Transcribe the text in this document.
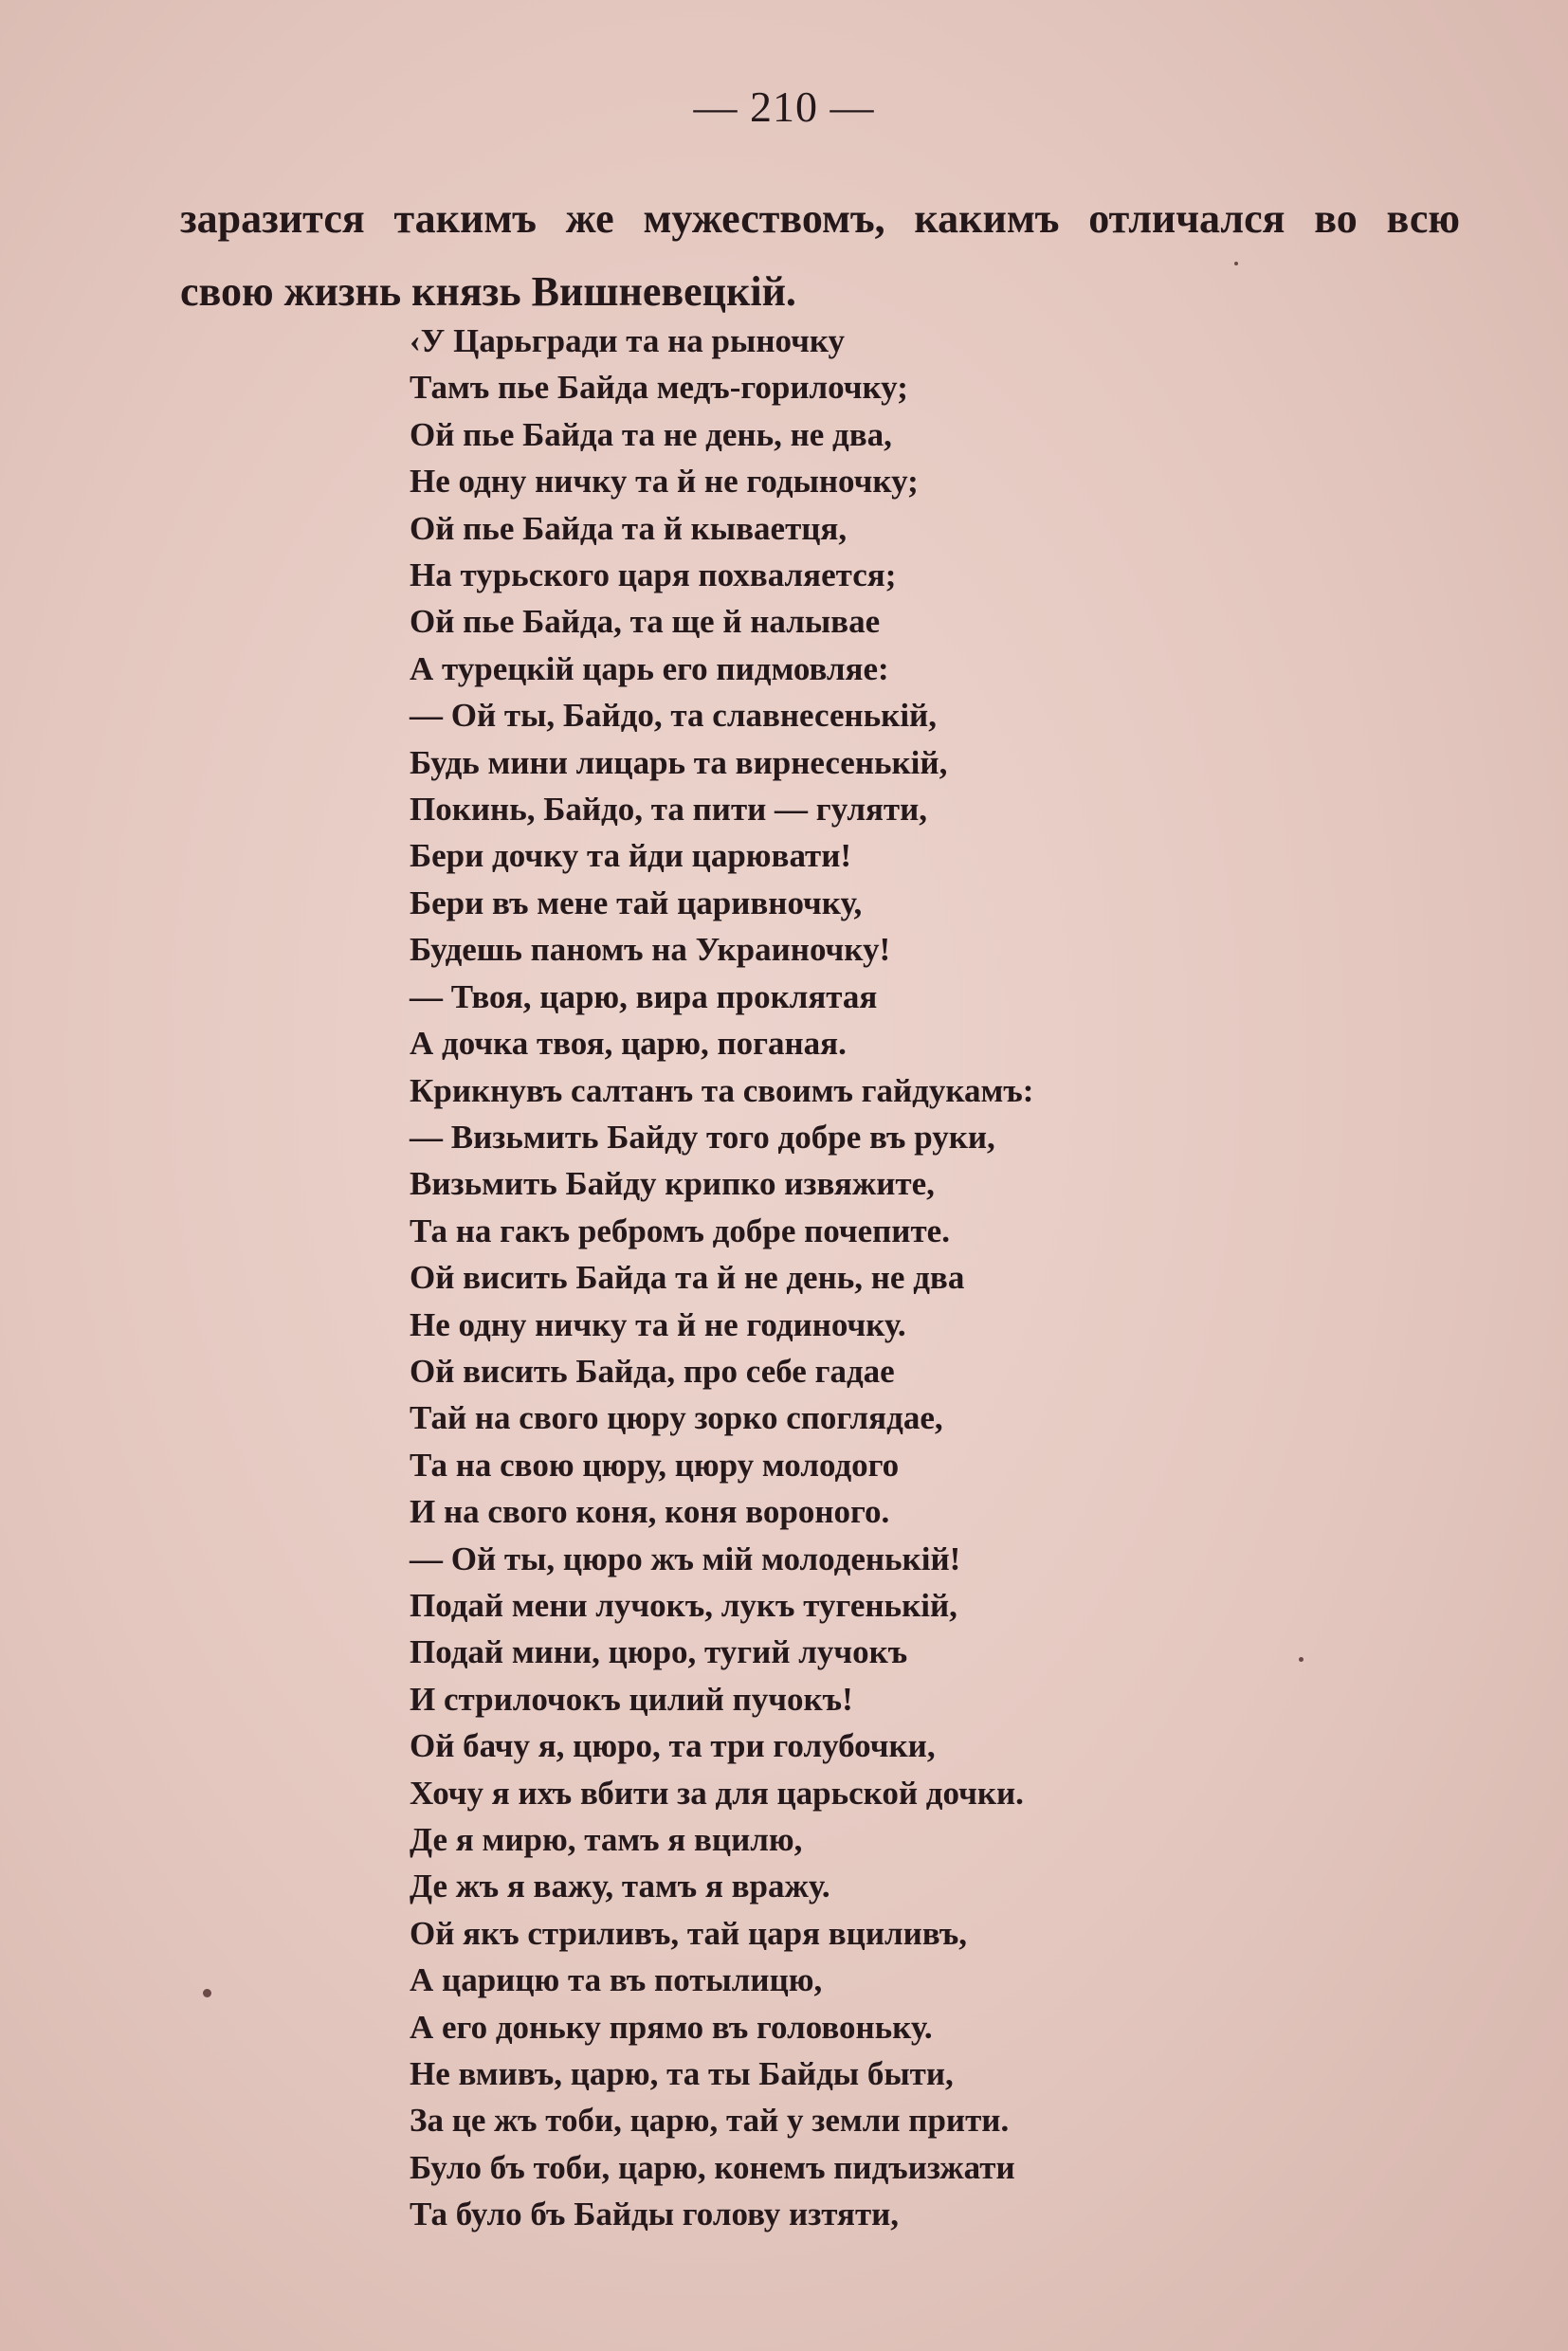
— 210 —
заразится такимъ же мужествомъ, какимъ отличался во всю
свою жизнь князь Вишневецкій.
‹У Царьгради та на рыночку
Тамъ пье Байда медъ-горилочку;
Ой пье Байда та не день, не два,
Не одну ничку та й не годыночку;
Ой пье Байда та й кываетця,
На турьского царя похваляется;
Ой пье Байда, та ще й налывае
А турецкій царь его пидмовляе:
— Ой ты, Байдо, та славнесенькій,
Будь мини лицарь та вирнесенькій,
Покинь, Байдо, та пити — гуляти,
Бери дочку та йди царювати!
Бери въ мене тай царивночку,
Будешь паномъ на Украиночку!
— Твоя, царю, вира проклятая
А дочка твоя, царю, поганая.
Крикнувъ салтанъ та своимъ гайдукамъ:
— Визьмить Байду того добре въ руки,
Визьмить Байду крипко извяжите,
Та на гакъ ребромъ добре почепите.
Ой висить Байда та й не день, не два
Не одну ничку та й не годиночку.
Ой висить Байда, про себе гадае
Тай на свого цюру зорко споглядае,
Та на свою цюру, цюру молодого
И на свого коня, коня вороного.
— Ой ты, цюро жъ мій молоденькій!
Подай мени лучокъ, лукъ тугенькій,
Подай мини, цюро, тугий лучокъ
И стрилочокъ цилий пучокъ!
Ой бачу я, цюро, та три голубочки,
Хочу я ихъ вбити за для царьской дочки.
Де я мирю, тамъ я вцилю,
Де жъ я важу, тамъ я вражу.
Ой якъ стриливъ, тай царя вциливъ,
А царицю та въ потылицю,
А его доньку прямо въ головоньку.
Не вмивъ, царю, та ты Байды быти,
За це жъ тоби, царю, тай у земли прити.
Було бъ тоби, царю, конемъ пидъизжати
Та було бъ Байды голову изтяти,
